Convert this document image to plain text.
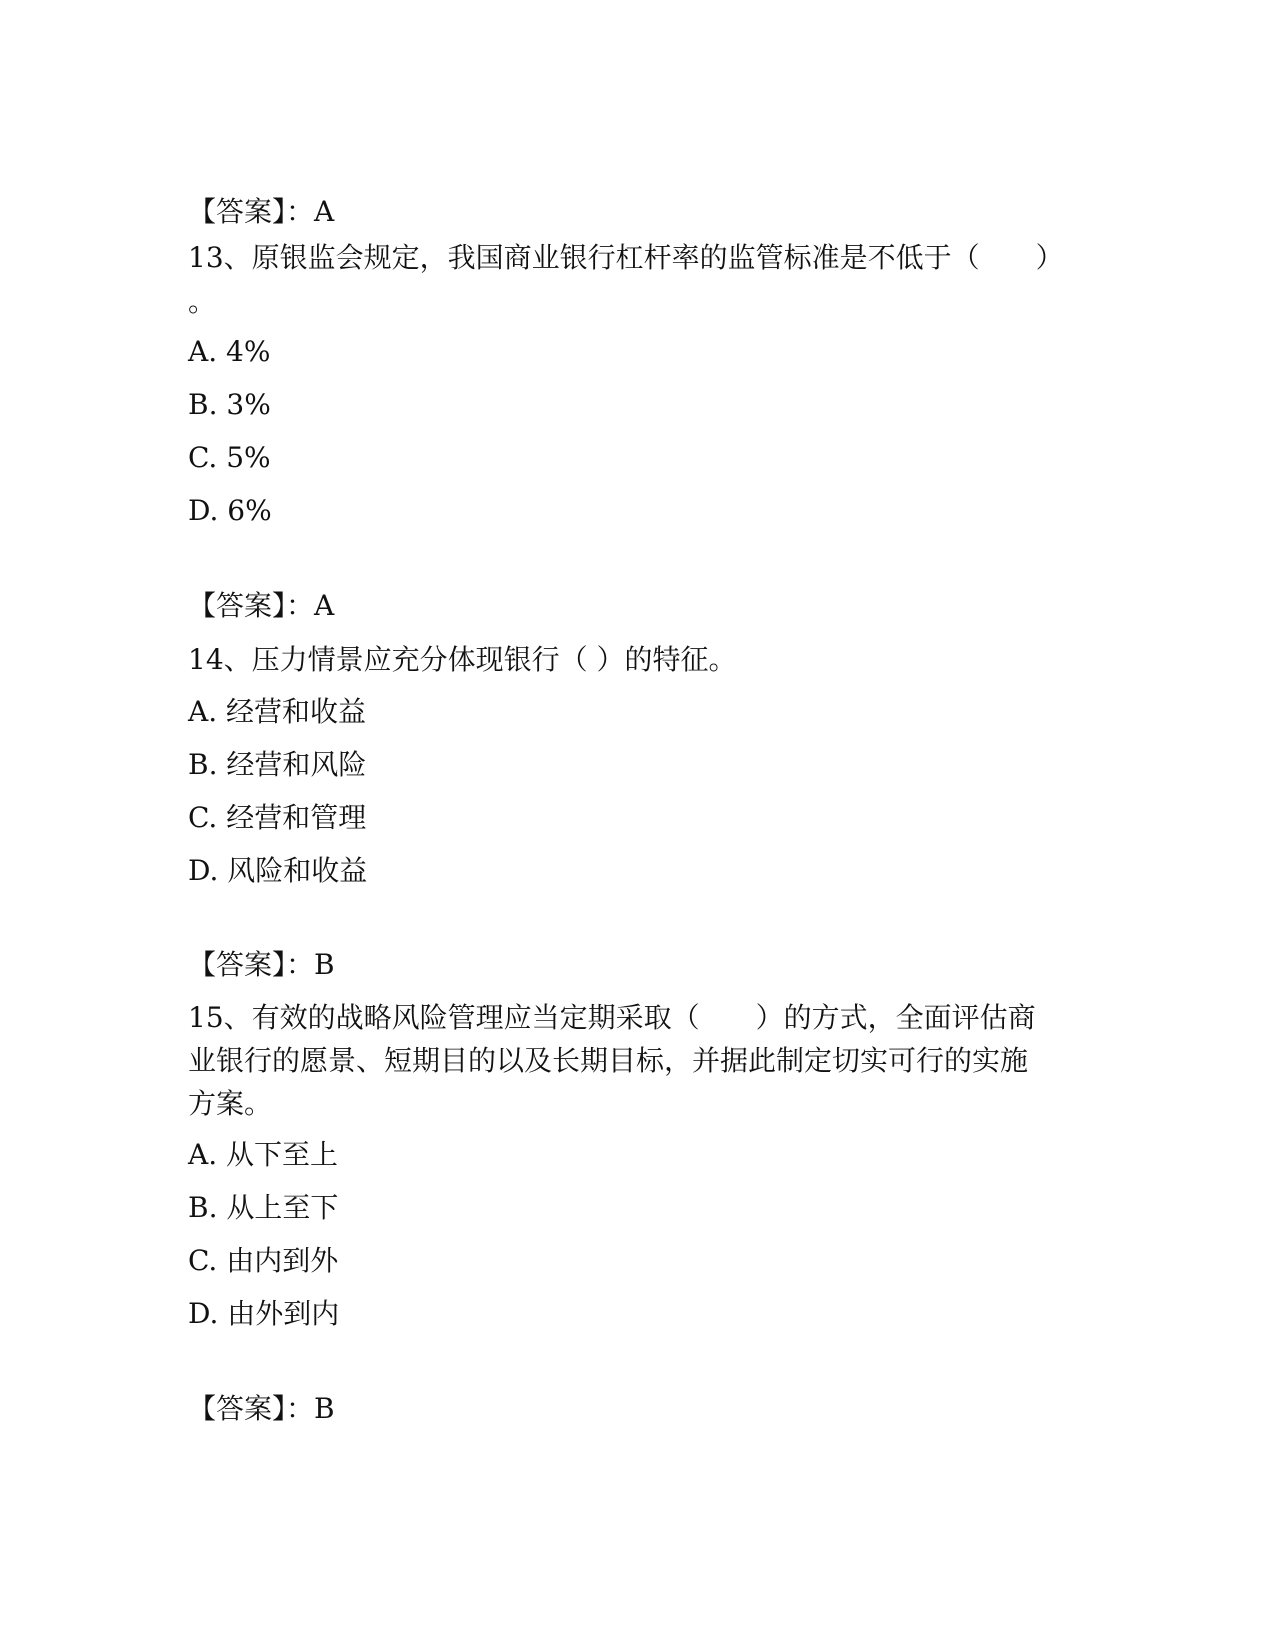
【答案】：A
13、原银监会规定，我国商业银行杠杆率的监管标准是不低于（　　）
。
A. 4%
B. 3%
C. 5%
D. 6%
【答案】：A
14、压力情景应充分体现银行（ ）的特征。
A. 经营和收益
B. 经营和风险
C. 经营和管理
D. 风险和收益
【答案】：B
15、有效的战略风险管理应当定期采取（　　）的方式，全面评估商
业银行的愿景、短期目的以及长期目标，并据此制定切实可行的实施
方案。
A. 从下至上
B. 从上至下
C. 由内到外
D. 由外到内
【答案】：B
